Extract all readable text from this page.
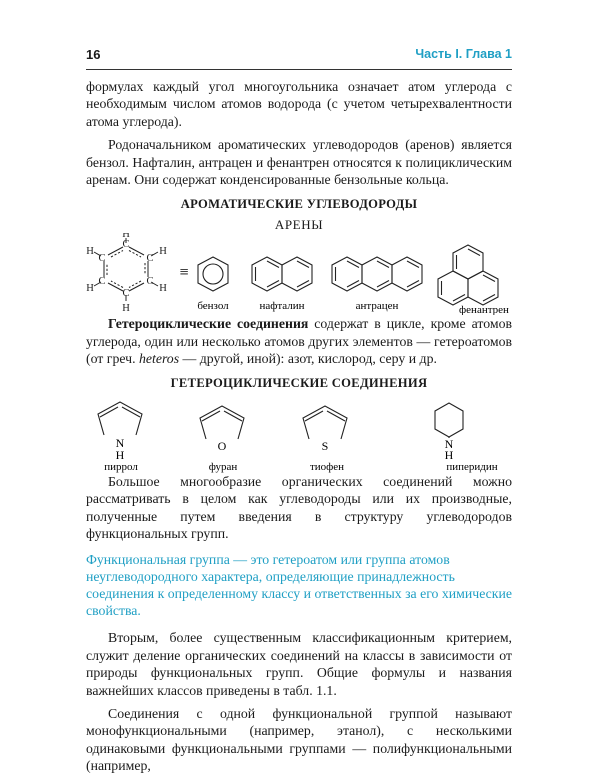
16	Часть I. Глава 1

формулах каждый угол многоугольника означает атом углерода с необходимым числом атомов водорода (с учетом четырехвалентности атома углерода).

Родоначальником ароматических углеводородов (аренов) является бензол. Нафталин, антрацен и фенантрен относятся к полициклическим аренам. Они содержат конденсированные бензольные кольца.

АРОМАТИЧЕСКИЕ УГЛЕВОДОРОДЫ
АРЕНЫ
C
C
C
C
C
C
H
H
H
H
H
H
≡
бензол	нафталин	антрацен	фенантрен

Гетероциклические соединения содержат в цикле, кроме атомов углерода, один или несколько атомов других элементов — гетероатомов (от греч. heteros — другой, иной): азот, кислород, серу и др.

ГЕТЕРОЦИКЛИЧЕСКИЕ СОЕДИНЕНИЯ
N
H
пиррол
O
фуран
S
тиофен
N
H
пиперидин

Большое многообразие органических соединений можно рассматривать в целом как углеводороды или их производные, полученные путем введения в структуру углеводородов функциональных групп.

Функциональная группа — это гетероатом или группа атомов неуглеводородного характера, определяющие принадлежность соединения к определенному классу и ответственных за его химические свойства.

Вторым, более существенным классификационным критерием, служит деление органических соединений на классы в зависимости от природы функциональных групп. Общие формулы и названия важнейших классов приведены в табл. 1.1.

Соединения с одной функциональной группой называют монофункциональными (например, этанол), с несколькими одинаковыми функциональными группами — полифункциональными (например,
